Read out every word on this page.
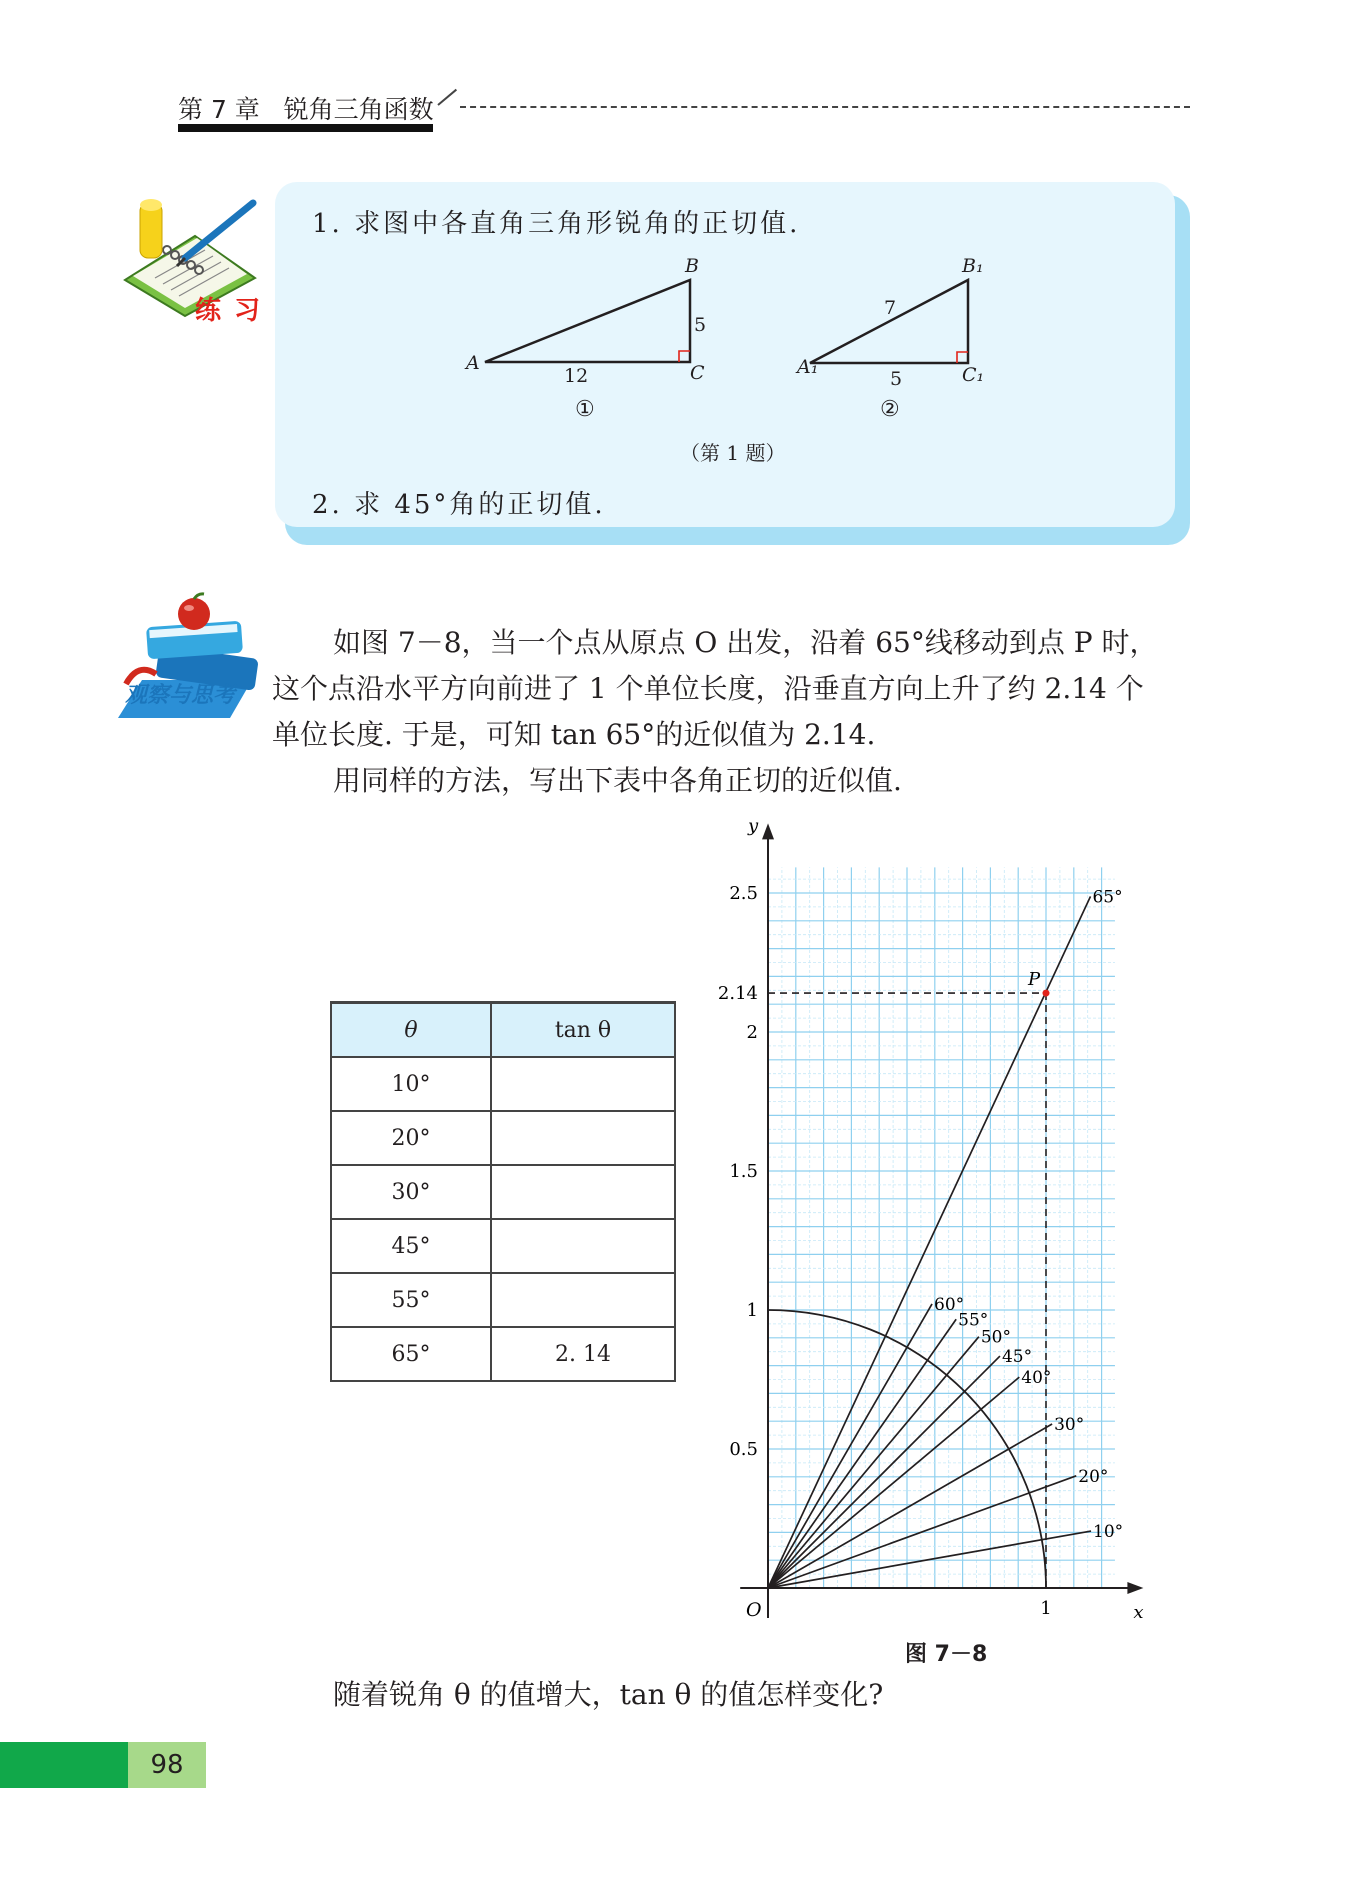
第 7 章 锐角三角函数
练 习
1. 求图中各直角三角形锐角的正切值.
A
B
C
5
12
①
A₁
B₁
C₁
7
5
②
（第 1 题）
2. 求 45°角的正切值.
观察与思考
如图 7－8，当一个点从原点 O 出发，沿着 65°线移动到点 P 时，
这个点沿水平方向前进了 1 个单位长度，沿垂直方向上升了约 2.14 个
单位长度. 于是，可知 tan 65°的近似值为 2.14.
用同样的方法，写出下表中各角正切的近似值.
θ	tan θ
10°	
20°	
30°	
45°	
55°	
65°	2. 14
x
y
O
0.5
1
1.5
2
2.14
2.5
1
10°
20°
30°
40°
45°
50°
55°
60°
65°
P
图 7－8
随着锐角 θ 的值增大，tan θ 的值怎样变化?
98
